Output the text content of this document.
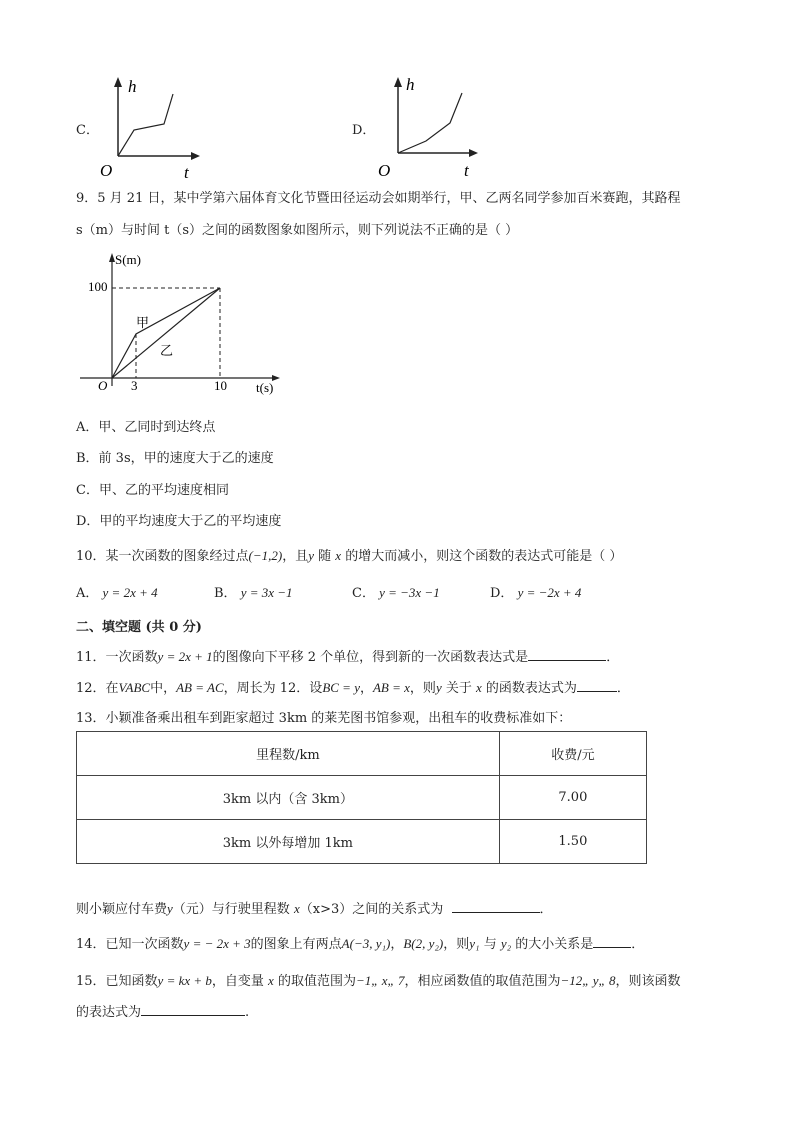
C．
h
t
O
D．
h
t
O
9．5 月 21 日，某中学第六届体育文化节暨田径运动会如期举行，甲、乙两名同学参加百米赛跑，其路程
s（m）与时间 t（s）之间的函数图象如图所示，则下列说法不正确的是（ ）
S(m)
100
甲
乙
O 3	10 t(s)
A．甲、乙同时到达终点
B．前 3s，甲的速度大于乙的速度
C．甲、乙的平均速度相同
D．甲的平均速度大于乙的平均速度
10．某一次函数的图象经过点(−1,2)，且y 随 x 的增大而减小，则这个函数的表达式可能是（ ）
A． y = 2x + 4	B． y = 3x −1	C． y = −3x −1	D． y = −2x + 4
二、填空题 (共 0 分)
11．一次函数y = 2x + 1的图像向下平移 2 个单位，得到新的一次函数表达式是	．
12．在VABC中，AB = AC，周长为 12．设BC = y，AB = x，则y 关于 x 的函数表达式为	．
13．小颖准备乘出租车到距家超过 3km 的莱芜图书馆参观，出租车的收费标准如下：
里程数/km	收费/元
3km 以内（含 3km）	7.00
3km 以外每增加 1km	1.50
则小颖应付车费y（元）与行驶里程数 x（x>3）之间的关系式为	．
14．已知一次函数y = − 2x + 3的图象上有两点A(−3, y₁)，B(2, y₂)，则y₁ 与 y₂ 的大小关系是	．
15．已知函数y = kx + b，自变量 x 的取值范围为−1„ x„ 7，相应函数值的取值范围为−12„ y„ 8，则该函数
的表达式为	.
